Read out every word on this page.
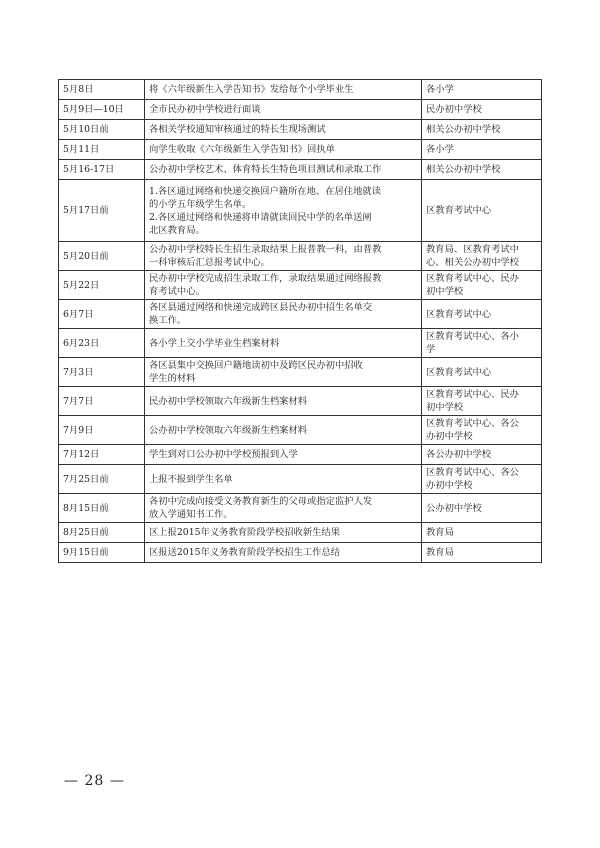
5月8日	将《六年级新生入学告知书》发给每个小学毕业生	各小学

5月9日—10日	全市民办初中学校进行面谈	民办初中学校

5月10日前	各相关学校通知审核通过的特长生现场测试	相关公办初中学校

5月11日	向学生收取《六年级新生入学告知书》回执单	各小学

5月16-17日	公办初中学校艺术、体育特长生特色项目测试和录取工作	相关公办初中学校

5月17日前	1.各区通过网络和快递交换回户籍所在地、在居住地就读
的小学五年级学生名单。
2.各区通过网络和快递将申请就读回民中学的名单送闸
北区教育局。	区教育考试中心

5月20日前	公办初中学校特长生招生录取结果上报普教一科，由普教
一科审核后汇总报考试中心。	教育局、区教育考试中
心、相关公办初中学校

5月22日	民办初中学校完成招生录取工作，录取结果通过网络报教
育考试中心。	区教育考试中心、民办
初中学校

6月7日	各区县通过网络和快递完成跨区县民办初中招生名单交
换工作。	区教育考试中心

6月23日	各小学上交小学毕业生档案材料	区教育考试中心、各小
学

7月3日	各区县集中交换回户籍地读初中及跨区民办初中招收
学生的材料	区教育考试中心

7月7日	民办初中学校领取六年级新生档案材料	区教育考试中心、民办
初中学校

7月9日	公办初中学校领取六年级新生档案材料	区教育考试中心、各公
办初中学校

7月12日	学生到对口公办初中学校预报到入学	各公办初中学校

7月25日前	上报不报到学生名单	区教育考试中心、各公
办初中学校

8月15日前	各初中完成向接受义务教育新生的父母或指定监护人发
放入学通知书工作。	公办初中学校

8月25日前	区上报2015年义务教育阶段学校招收新生结果	教育局

9月15日前	区报送2015年义务教育阶段学校招生工作总结	教育局
— 28 —
